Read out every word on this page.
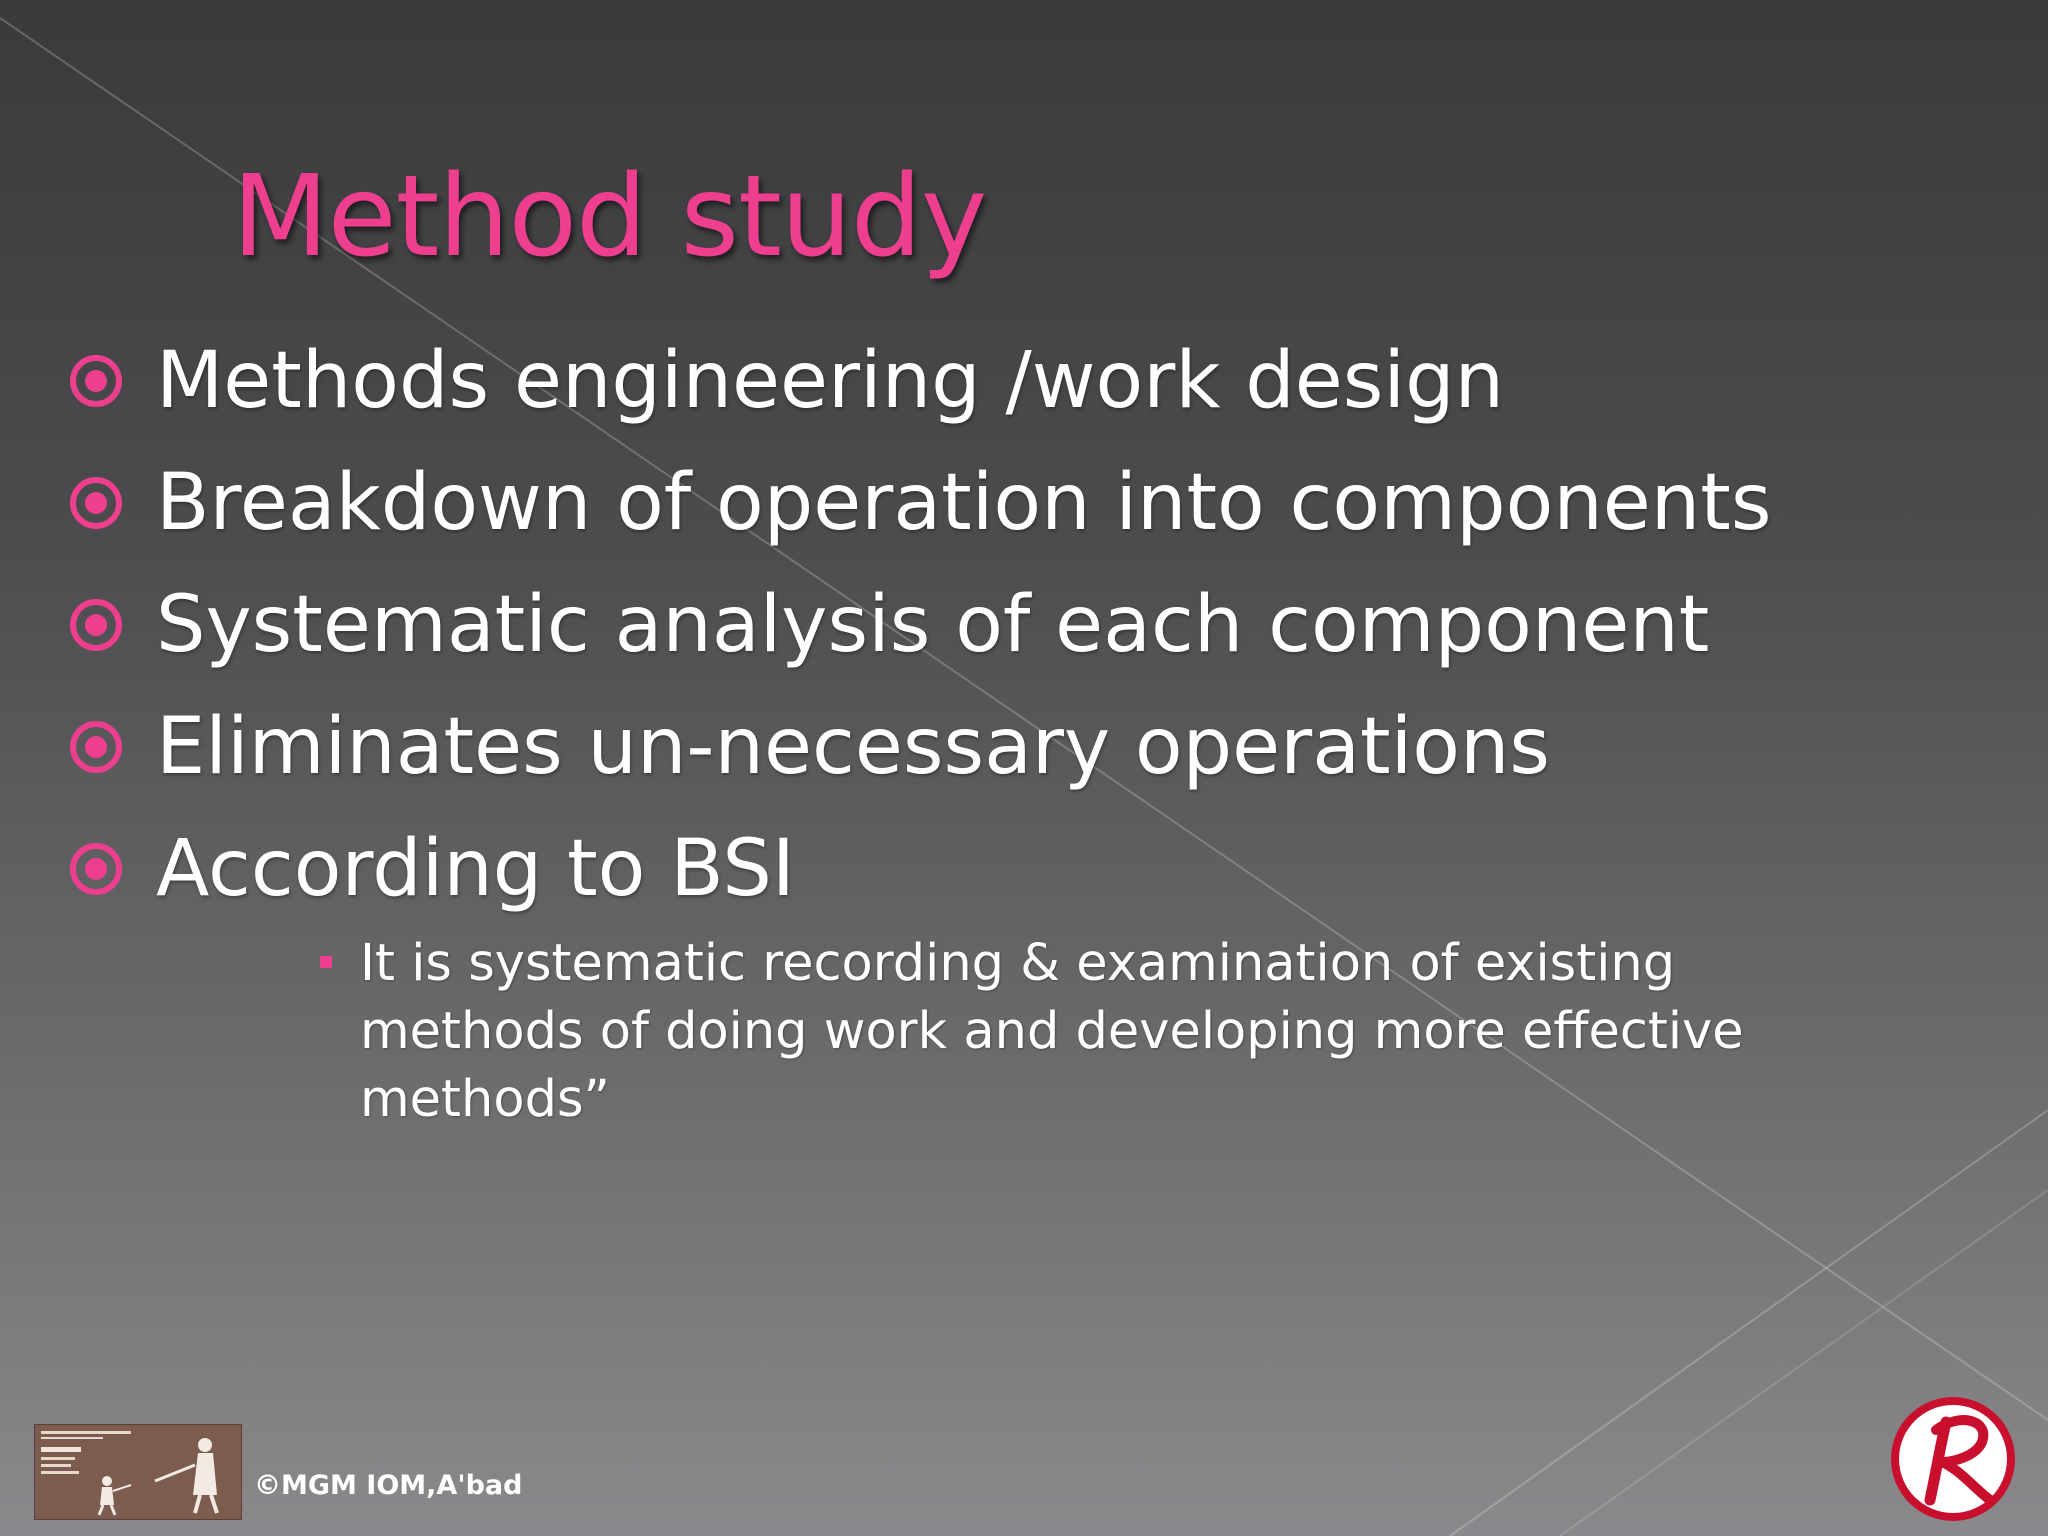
Method study
Methods engineering /work design
Breakdown of operation into components
Systematic analysis of each component
Eliminates un-necessary operations
According to BSI
It is systematic recording & examination of existing methods of doing work and developing more effective methods”
©MGM IOM,A'bad
